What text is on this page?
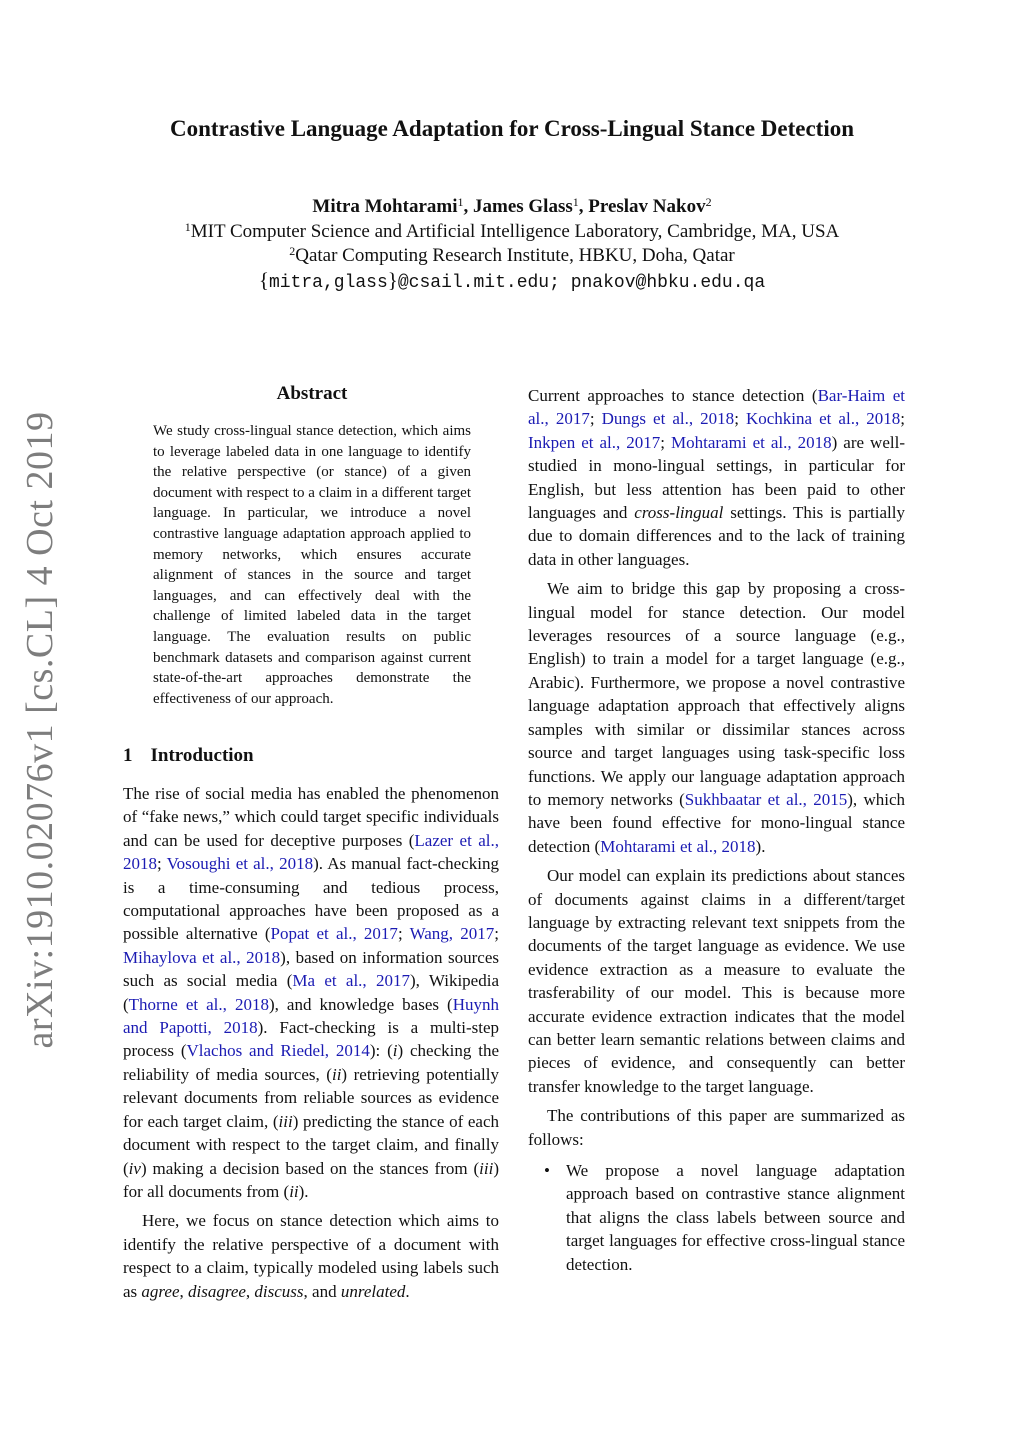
arXiv:1910.02076v1 [cs.CL] 4 Oct 2019
Contrastive Language Adaptation for Cross-Lingual Stance Detection
Mitra Mohtarami$^1$, James Glass$^1$, Preslav Nakov$^2$
$^1$MIT Computer Science and Artificial Intelligence Laboratory, Cambridge, MA, USA
$^2$Qatar Computing Research Institute, HBKU, Doha, Qatar
{mitra,glass}@csail.mit.edu; pnakov@hbku.edu.qa
Abstract
We study cross-lingual stance detection, which aims to leverage labeled data in one language to identify the relative perspective (or stance) of a given document with respect to a claim in a different target language. In particular, we introduce a novel contrastive language adaptation approach applied to memory networks, which ensures accurate alignment of stances in the source and target languages, and can effectively deal with the challenge of limited labeled data in the target language. The evaluation results on public benchmark datasets and comparison against current state-of-the-art approaches demonstrate the effectiveness of our approach.
1 Introduction

The rise of social media has enabled the phenomenon of “fake news,” which could target specific individuals and can be used for deceptive purposes (Lazer et al., 2018; Vosoughi et al., 2018). As manual fact-checking is a time-consuming and tedious process, computational approaches have been proposed as a possible alternative (Popat et al., 2017; Wang, 2017; Mihaylova et al., 2018), based on information sources such as social media (Ma et al., 2017), Wikipedia (Thorne et al., 2018), and knowledge bases (Huynh and Papotti, 2018). Fact-checking is a multi-step process (Vlachos and Riedel, 2014): (i) checking the reliability of media sources, (ii) retrieving potentially relevant documents from reliable sources as evidence for each target claim, (iii) predicting the stance of each document with respect to the target claim, and finally (iv) making a decision based on the stances from (iii) for all documents from (ii).

Here, we focus on stance detection which aims to identify the relative perspective of a document with respect to a claim, typically modeled using labels such as agree, disagree, discuss, and unrelated.

Current approaches to stance detection (Bar-Haim et al., 2017; Dungs et al., 2018; Kochkina et al., 2018; Inkpen et al., 2017; Mohtarami et al., 2018) are well-studied in mono-lingual settings, in particular for English, but less attention has been paid to other languages and cross-lingual settings. This is partially due to domain differences and to the lack of training data in other languages.

We aim to bridge this gap by proposing a cross-lingual model for stance detection. Our model leverages resources of a source language (e.g., English) to train a model for a target language (e.g., Arabic). Furthermore, we propose a novel contrastive language adaptation approach that effectively aligns samples with similar or dissimilar stances across source and target languages using task-specific loss functions. We apply our language adaptation approach to memory networks (Sukhbaatar et al., 2015), which have been found effective for mono-lingual stance detection (Mohtarami et al., 2018).

Our model can explain its predictions about stances of documents against claims in a different/target language by extracting relevant text snippets from the documents of the target language as evidence. We use evidence extraction as a measure to evaluate the trasferability of our model. This is because more accurate evidence extraction indicates that the model can better learn semantic relations between claims and pieces of evidence, and consequently can better transfer knowledge to the target language.

The contributions of this paper are summarized as follows:

• We propose a novel language adaptation approach based on contrastive stance alignment that aligns the class labels between source and target languages for effective cross-lingual stance detection.
